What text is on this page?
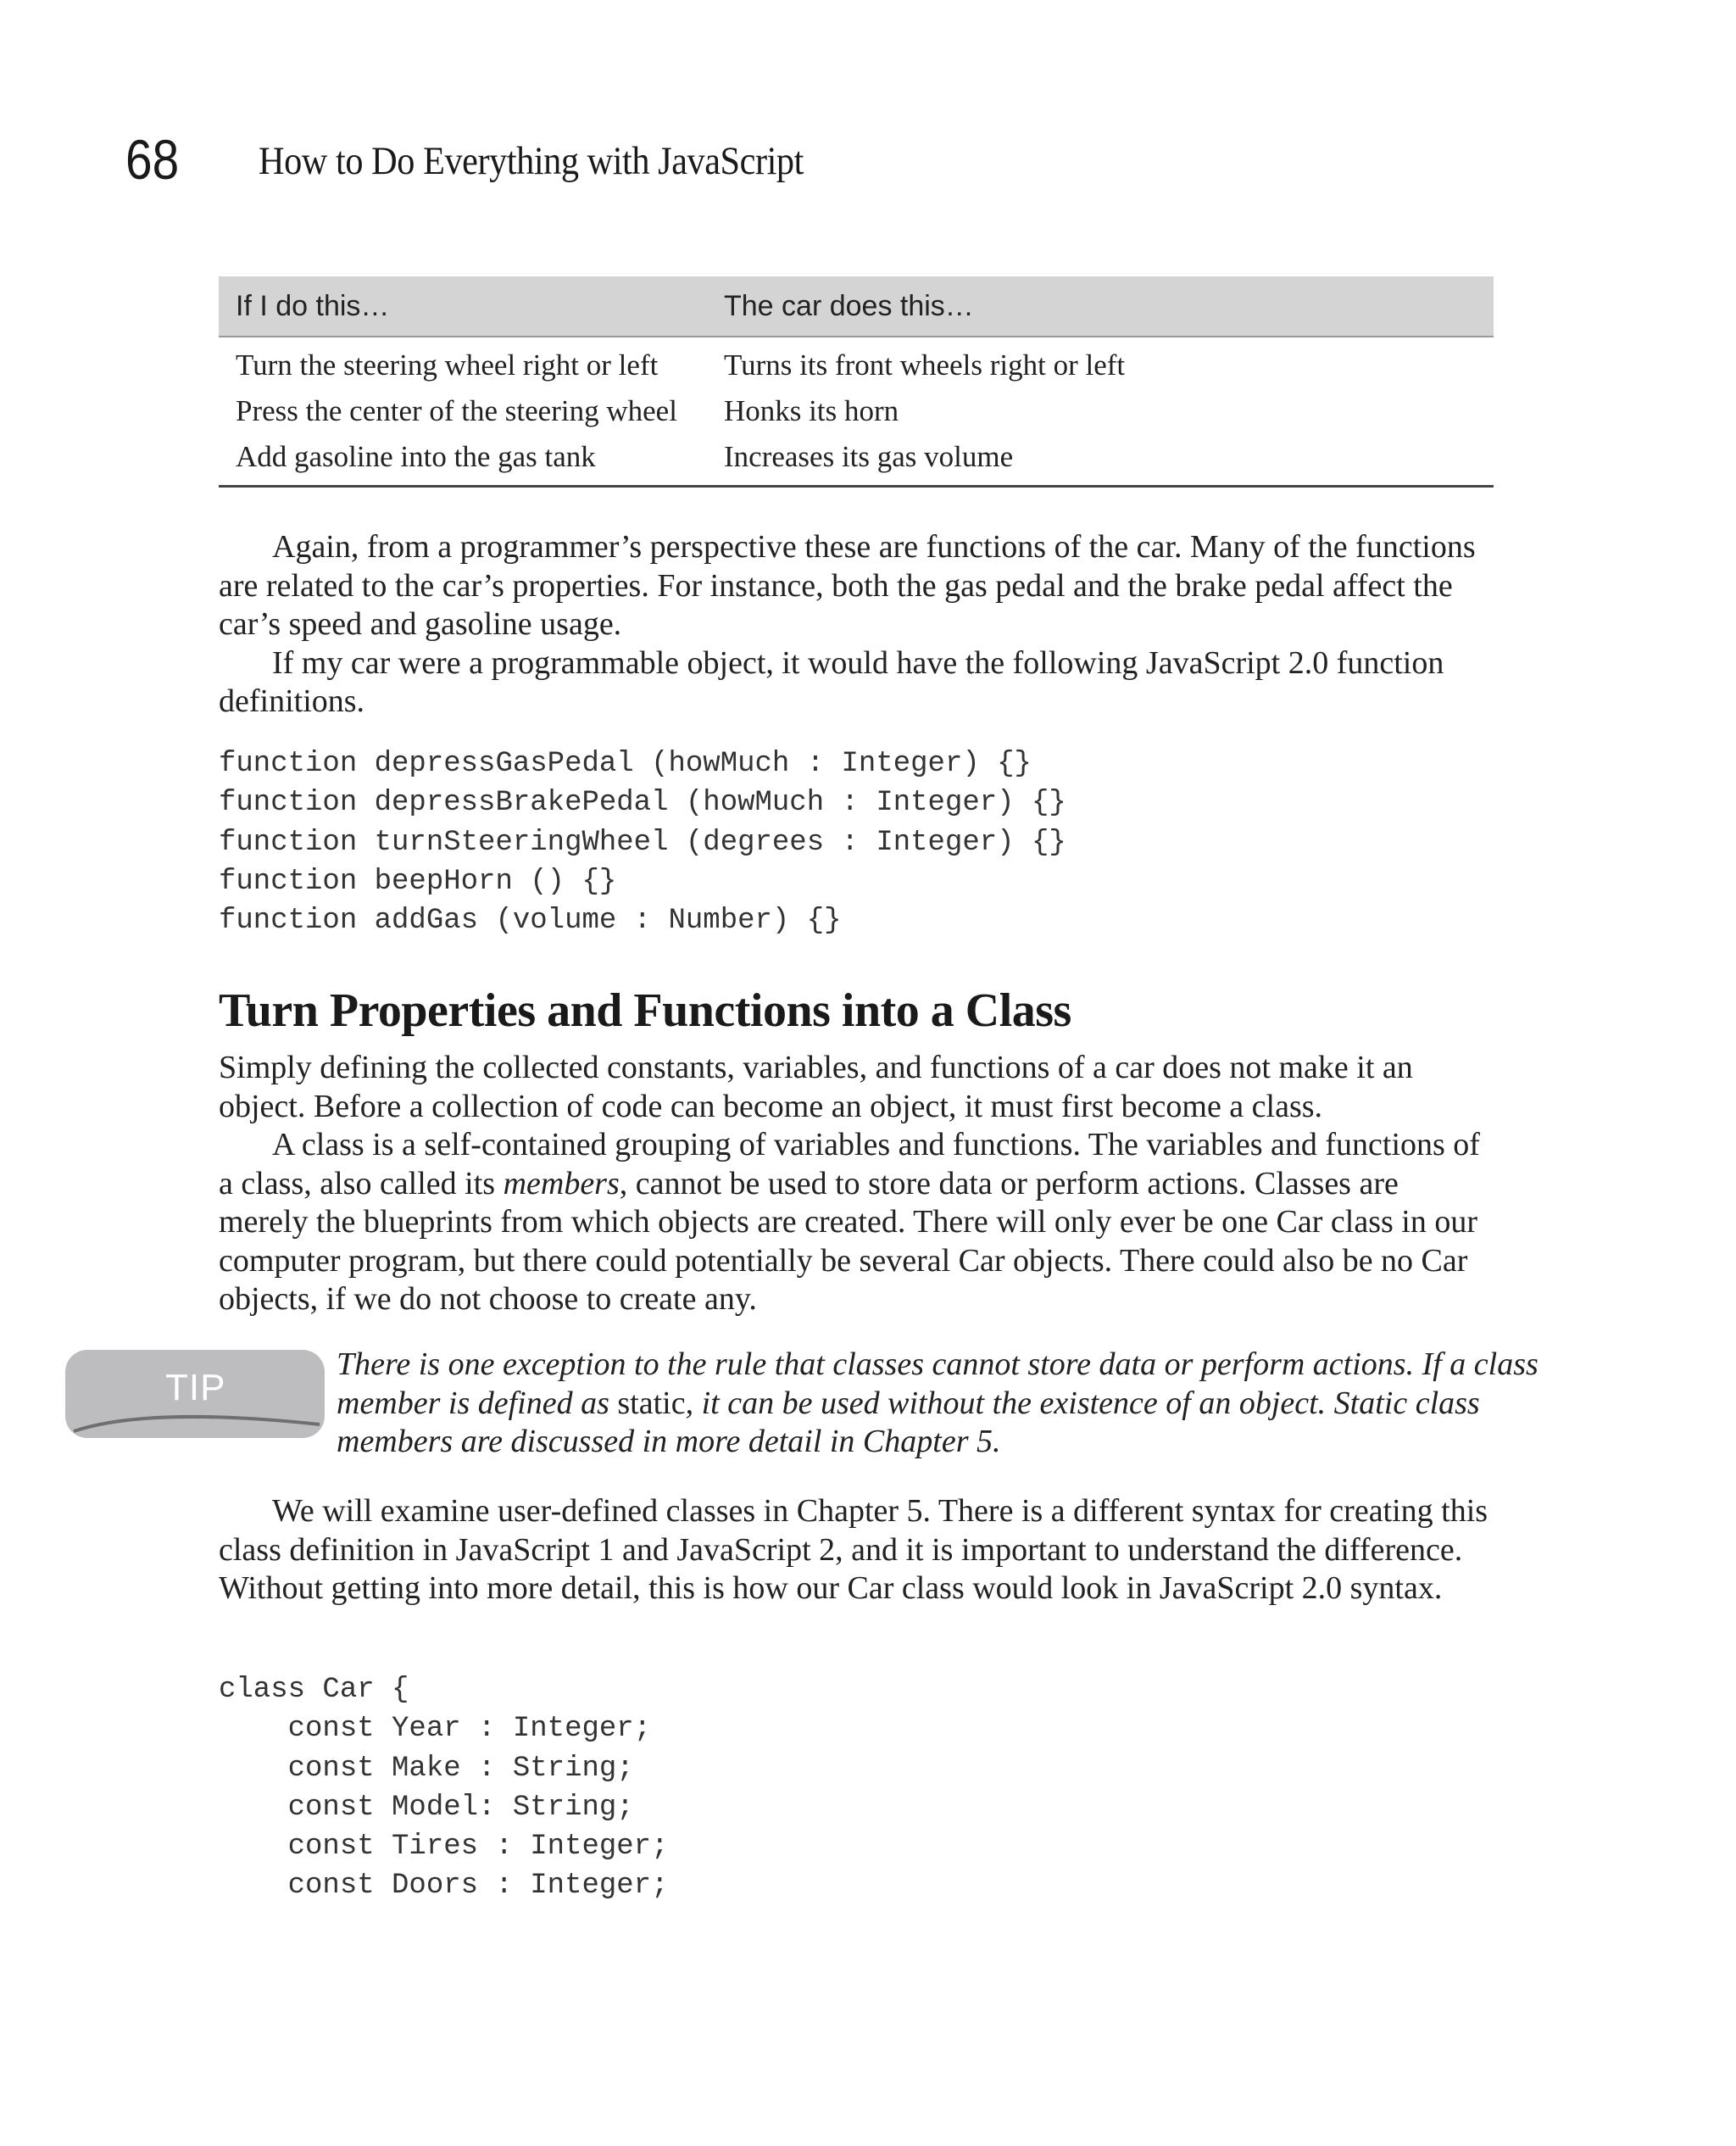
68 How to Do Everything with JavaScript
If I do this…	The car does this…
Turn the steering wheel right or left	Turns its front wheels right or left
Press the center of the steering wheel	Honks its horn
Add gasoline into the gas tank	Increases its gas volume

Again, from a programmer’s perspective these are functions of the car. Many of the functions are related to the car’s properties. For instance, both the gas pedal and the brake pedal affect the car’s speed and gasoline usage.

If my car were a programmable object, it would have the following JavaScript 2.0 function definitions.

function depressGasPedal (howMuch : Integer) {}
function depressBrakePedal (howMuch : Integer) {}
function turnSteeringWheel (degrees : Integer) {}
function beepHorn () {}
function addGas (volume : Number) {}
Turn Properties and Functions into a Class

Simply defining the collected constants, variables, and functions of a car does not make it an object. Before a collection of code can become an object, it must first become a class.

A class is a self-contained grouping of variables and functions. The variables and functions of a class, also called its members, cannot be used to store data or perform actions. Classes are merely the blueprints from which objects are created. There will only ever be one Car class in our computer program, but there could potentially be several Car objects. There could also be no Car objects, if we do not choose to create any.

TIP
There is one exception to the rule that classes cannot store data or perform actions. If a class member is defined as static, it can be used without the existence of an object. Static class members are discussed in more detail in Chapter 5.

We will examine user-defined classes in Chapter 5. There is a different syntax for creating this class definition in JavaScript 1 and JavaScript 2, and it is important to understand the difference. Without getting into more detail, this is how our Car class would look in JavaScript 2.0 syntax.

class Car {
const Year : Integer;
const Make : String;
const Model: String;
const Tires : Integer;
const Doors : Integer;
